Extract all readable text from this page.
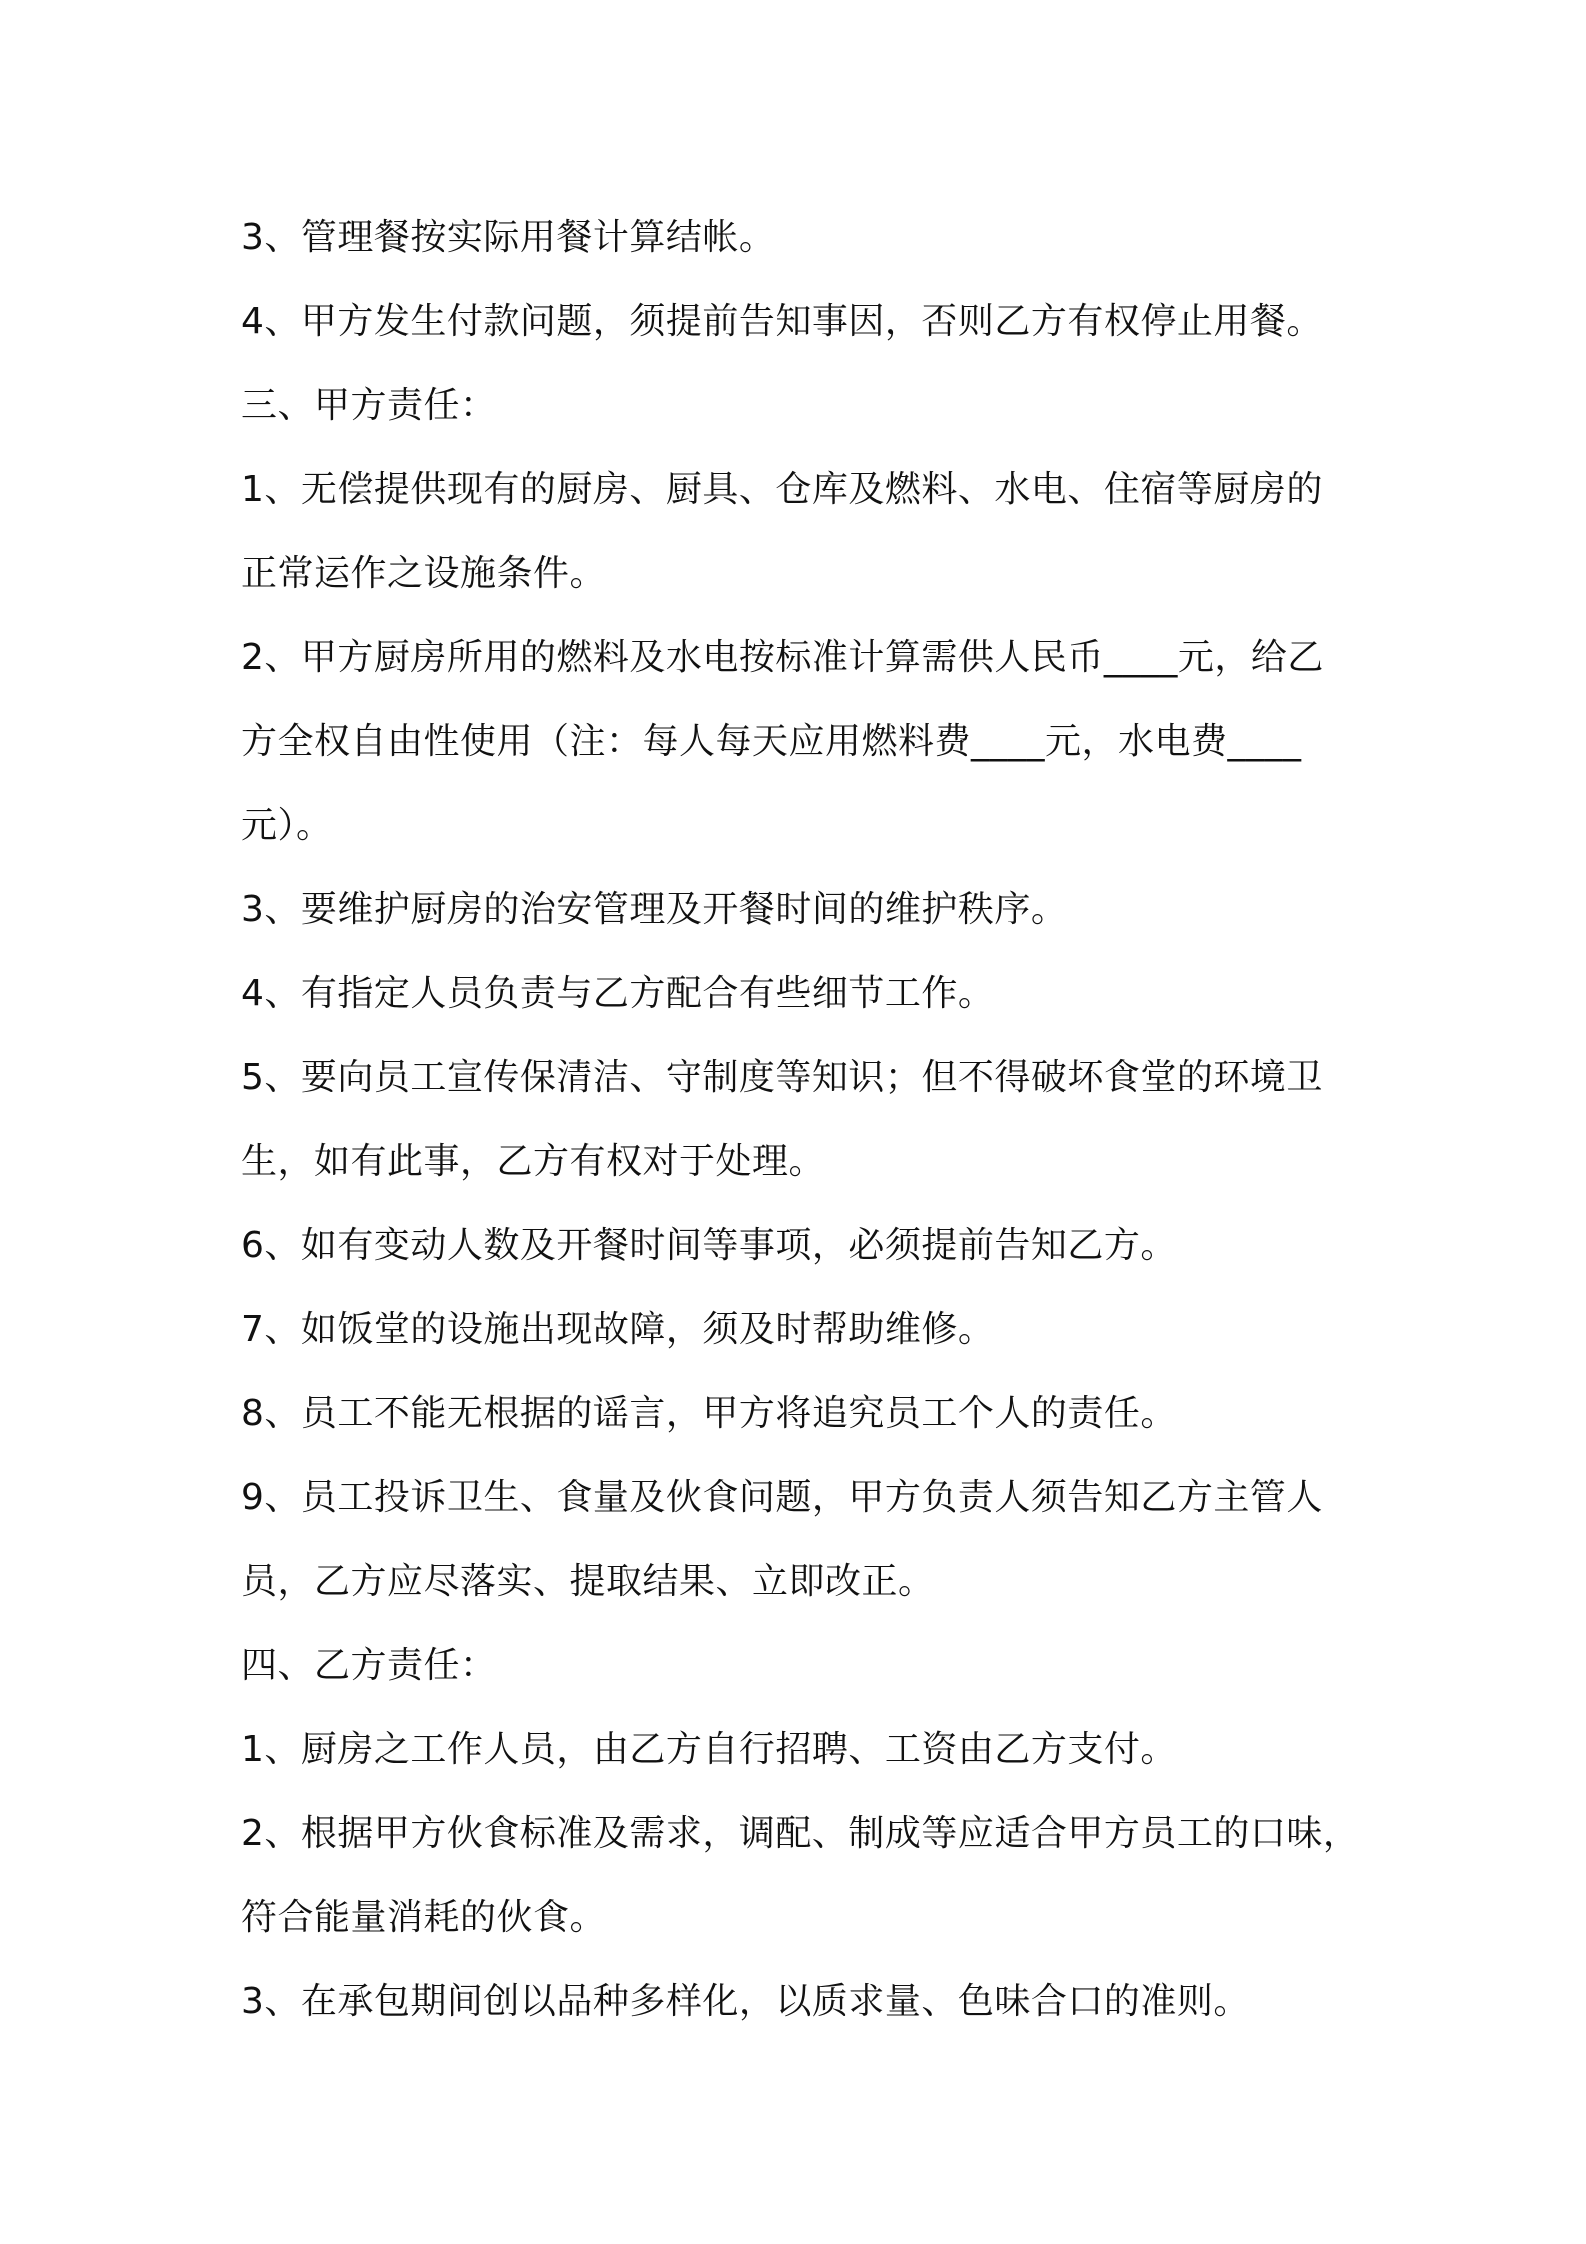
3、管理餐按实际用餐计算结帐。
4、甲方发生付款问题，须提前告知事因，否则乙方有权停止用餐。
三、甲方责任：
1、无偿提供现有的厨房、厨具、仓库及燃料、水电、住宿等厨房的
正常运作之设施条件。
2、甲方厨房所用的燃料及水电按标准计算需供人民币____元，给乙
方全权自由性使用（注：每人每天应用燃料费____元，水电费____
元）。
3、要维护厨房的治安管理及开餐时间的维护秩序。
4、有指定人员负责与乙方配合有些细节工作。
5、要向员工宣传保清洁、守制度等知识；但不得破坏食堂的环境卫
生，如有此事，乙方有权对于处理。
6、如有变动人数及开餐时间等事项，必须提前告知乙方。
7、如饭堂的设施出现故障，须及时帮助维修。
8、员工不能无根据的谣言，甲方将追究员工个人的责任。
9、员工投诉卫生、食量及伙食问题，甲方负责人须告知乙方主管人
员，乙方应尽落实、提取结果、立即改正。
四、乙方责任：
1、厨房之工作人员，由乙方自行招聘、工资由乙方支付。
2、根据甲方伙食标准及需求，调配、制成等应适合甲方员工的口味，
符合能量消耗的伙食。
3、在承包期间创以品种多样化，以质求量、色味合口的准则。
